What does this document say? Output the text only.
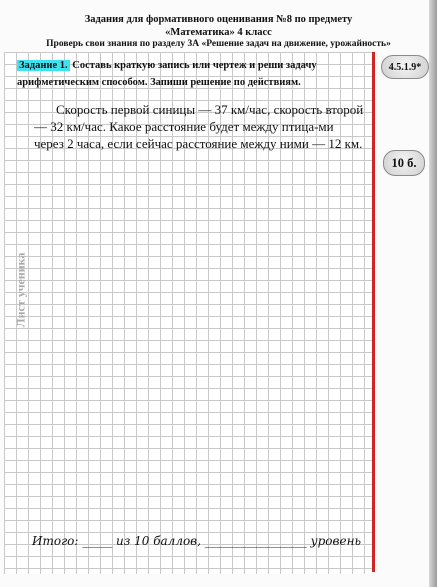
Задания для формативного оценивания №8 по предмету
«Математика» 4 класс
Проверь свои знания по разделу 3А «Решение задач на движение, урожайность»
Задание 1. Составь краткую запись или чертеж и реши задачу арифметическим способом. Запиши решение по действиям.
Скорость первой синицы — 37 км/час, скорость второй — 32 км/час. Какое расстояние будет между птица-ми через 2 часа, если сейчас расстояние между ними — 12 км.
Лист ученика
4.5.1.9*
10 б.
Итого: _____ из 10 баллов, _________________ уровень
